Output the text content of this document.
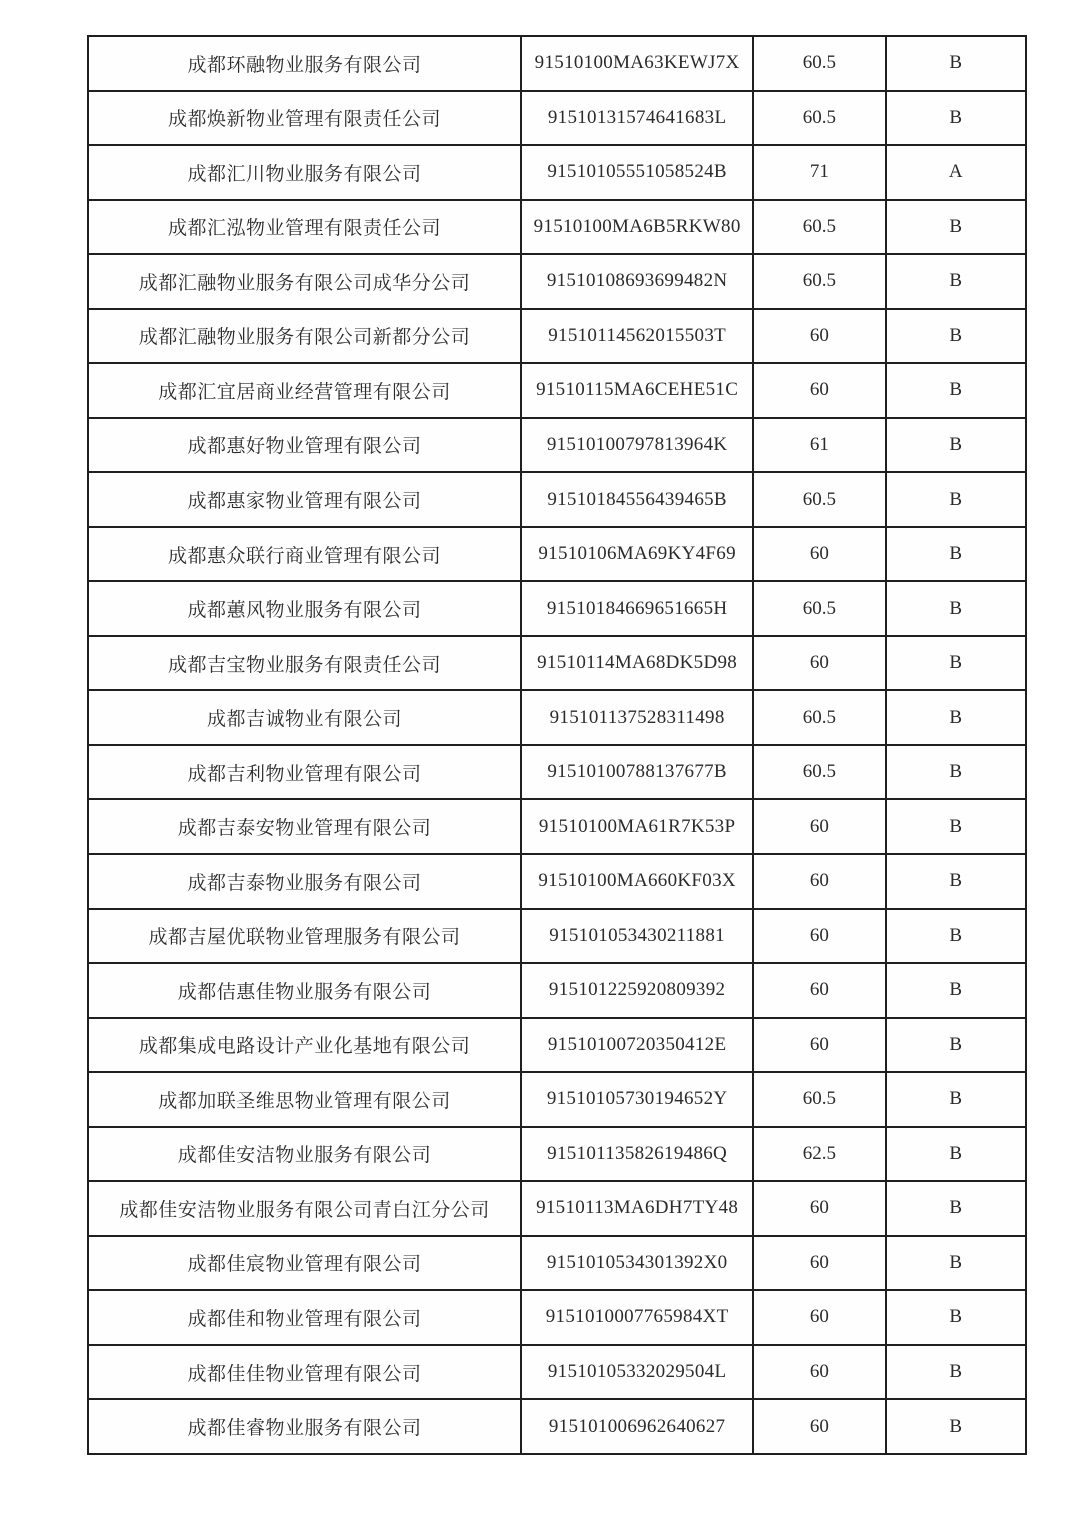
成都环融物业服务有限公司	91510100MA63KEWJ7X	60.5	B
成都焕新物业管理有限责任公司	91510131574641683L	60.5	B
成都汇川物业服务有限公司	91510105551058524B	71	A
成都汇泓物业管理有限责任公司	91510100MA6B5RKW80	60.5	B
成都汇融物业服务有限公司成华分公司	91510108693699482N	60.5	B
成都汇融物业服务有限公司新都分公司	91510114562015503T	60	B
成都汇宜居商业经营管理有限公司	91510115MA6CEHE51C	60	B
成都惠好物业管理有限公司	91510100797813964K	61	B
成都惠家物业管理有限公司	91510184556439465B	60.5	B
成都惠众联行商业管理有限公司	91510106MA69KY4F69	60	B
成都蕙风物业服务有限公司	91510184669651665H	60.5	B
成都吉宝物业服务有限责任公司	91510114MA68DK5D98	60	B
成都吉诚物业有限公司	915101137528311498	60.5	B
成都吉利物业管理有限公司	91510100788137677B	60.5	B
成都吉泰安物业管理有限公司	91510100MA61R7K53P	60	B
成都吉泰物业服务有限公司	91510100MA660KF03X	60	B
成都吉屋优联物业管理服务有限公司	915101053430211881	60	B
成都佶惠佳物业服务有限公司	915101225920809392	60	B
成都集成电路设计产业化基地有限公司	91510100720350412E	60	B
成都加联圣维思物业管理有限公司	91510105730194652Y	60.5	B
成都佳安洁物业服务有限公司	91510113582619486Q	62.5	B
成都佳安洁物业服务有限公司青白江分公司	91510113MA6DH7TY48	60	B
成都佳宸物业管理有限公司	9151010534301392X0	60	B
成都佳和物业管理有限公司	9151010007765984XT	60	B
成都佳佳物业管理有限公司	91510105332029504L	60	B
成都佳睿物业服务有限公司	915101006962640627	60	B
